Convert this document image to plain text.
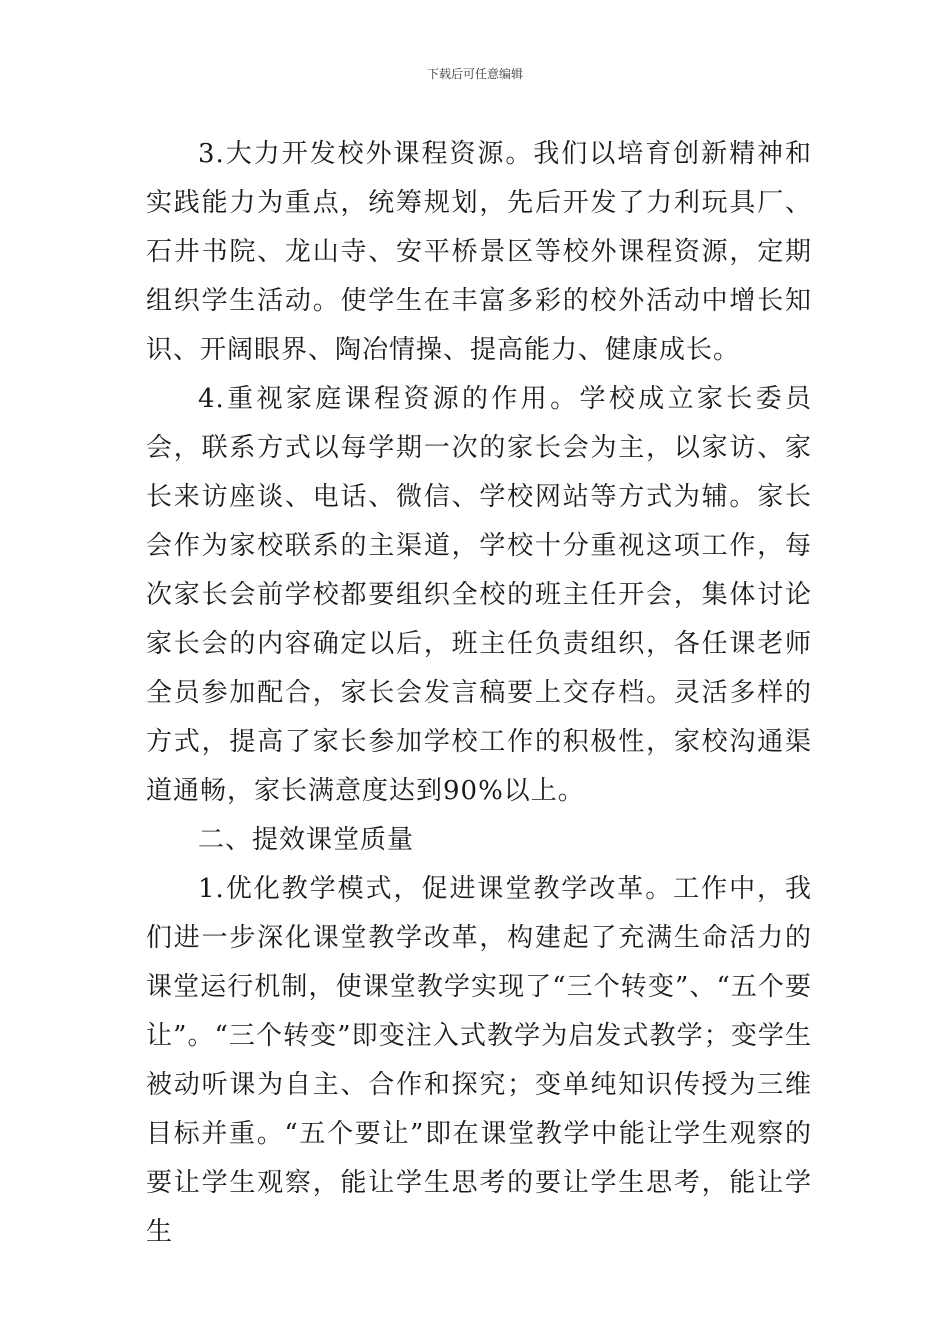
下载后可任意编辑

3.大力开发校外课程资源。我们以培育创新精神和实践能力为重点，统筹规划，先后开发了力利玩具厂、石井书院、龙山寺、安平桥景区等校外课程资源，定期组织学生活动。使学生在丰富多彩的校外活动中增长知识、开阔眼界、陶冶情操、提高能力、健康成长。

4.重视家庭课程资源的作用。学校成立家长委员会，联系方式以每学期一次的家长会为主，以家访、家长来访座谈、电话、微信、学校网站等方式为辅。家长会作为家校联系的主渠道，学校十分重视这项工作，每次家长会前学校都要组织全校的班主任开会，集体讨论家长会的内容确定以后，班主任负责组织，各任课老师全员参加配合，家长会发言稿要上交存档。灵活多样的方式，提高了家长参加学校工作的积极性，家校沟通渠道通畅，家长满意度达到90%以上。

二、提效课堂质量

1.优化教学模式，促进课堂教学改革。工作中，我们进一步深化课堂教学改革，构建起了充满生命活力的课堂运行机制，使课堂教学实现了“三个转变”、“五个要让”。“三个转变”即变注入式教学为启发式教学；变学生被动听课为自主、合作和探究；变单纯知识传授为三维目标并重。“五个要让”即在课堂教学中能让学生观察的要让学生观察，能让学生思考的要让学生思考，能让学生
